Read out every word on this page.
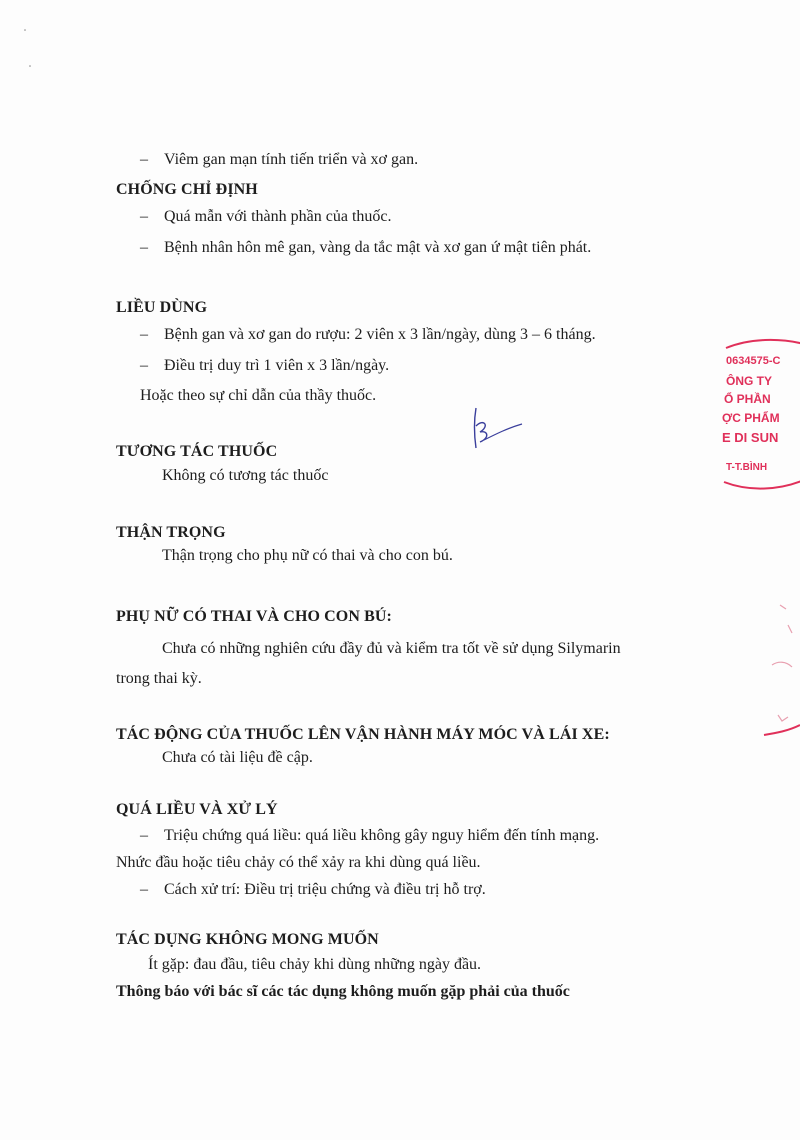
– Viêm gan mạn tính tiến triển và xơ gan.
CHỐNG CHỈ ĐỊNH
– Quá mẫn với thành phần của thuốc.
– Bệnh nhân hôn mê gan, vàng da tắc mật và xơ gan ứ mật tiên phát.
LIỀU DÙNG
– Bệnh gan và xơ gan do rượu: 2 viên x 3 lần/ngày, dùng 3 – 6 tháng.
– Điều trị duy trì 1 viên x 3 lần/ngày.
Hoặc theo sự chỉ dẫn của thầy thuốc.
TƯƠNG TÁC THUỐC
Không có tương tác thuốc
THẬN TRỌNG
Thận trọng cho phụ nữ có thai và cho con bú.
PHỤ NỮ CÓ THAI VÀ CHO CON BÚ:
Chưa có những nghiên cứu đầy đủ và kiểm tra tốt về sử dụng Silymarin
trong thai kỳ.
TÁC ĐỘNG CỦA THUỐC LÊN VẬN HÀNH MÁY MÓC VÀ LÁI XE:
Chưa có tài liệu đề cập.
QUÁ LIỀU VÀ XỬ LÝ
– Triệu chứng quá liều: quá liều không gây nguy hiểm đến tính mạng.
Nhức đầu hoặc tiêu chảy có thể xảy ra khi dùng quá liều.
– Cách xử trí: Điều trị triệu chứng và điều trị hỗ trợ.
TÁC DỤNG KHÔNG MONG MUỐN
Ít gặp: đau đầu, tiêu chảy khi dùng những ngày đầu.
Thông báo với bác sĩ các tác dụng không muốn gặp phải của thuốc
0634575-C
ÔNG TY
Ổ PHẦN
ỢC PHẨM
E DI SUN
T-T.BÌNH
